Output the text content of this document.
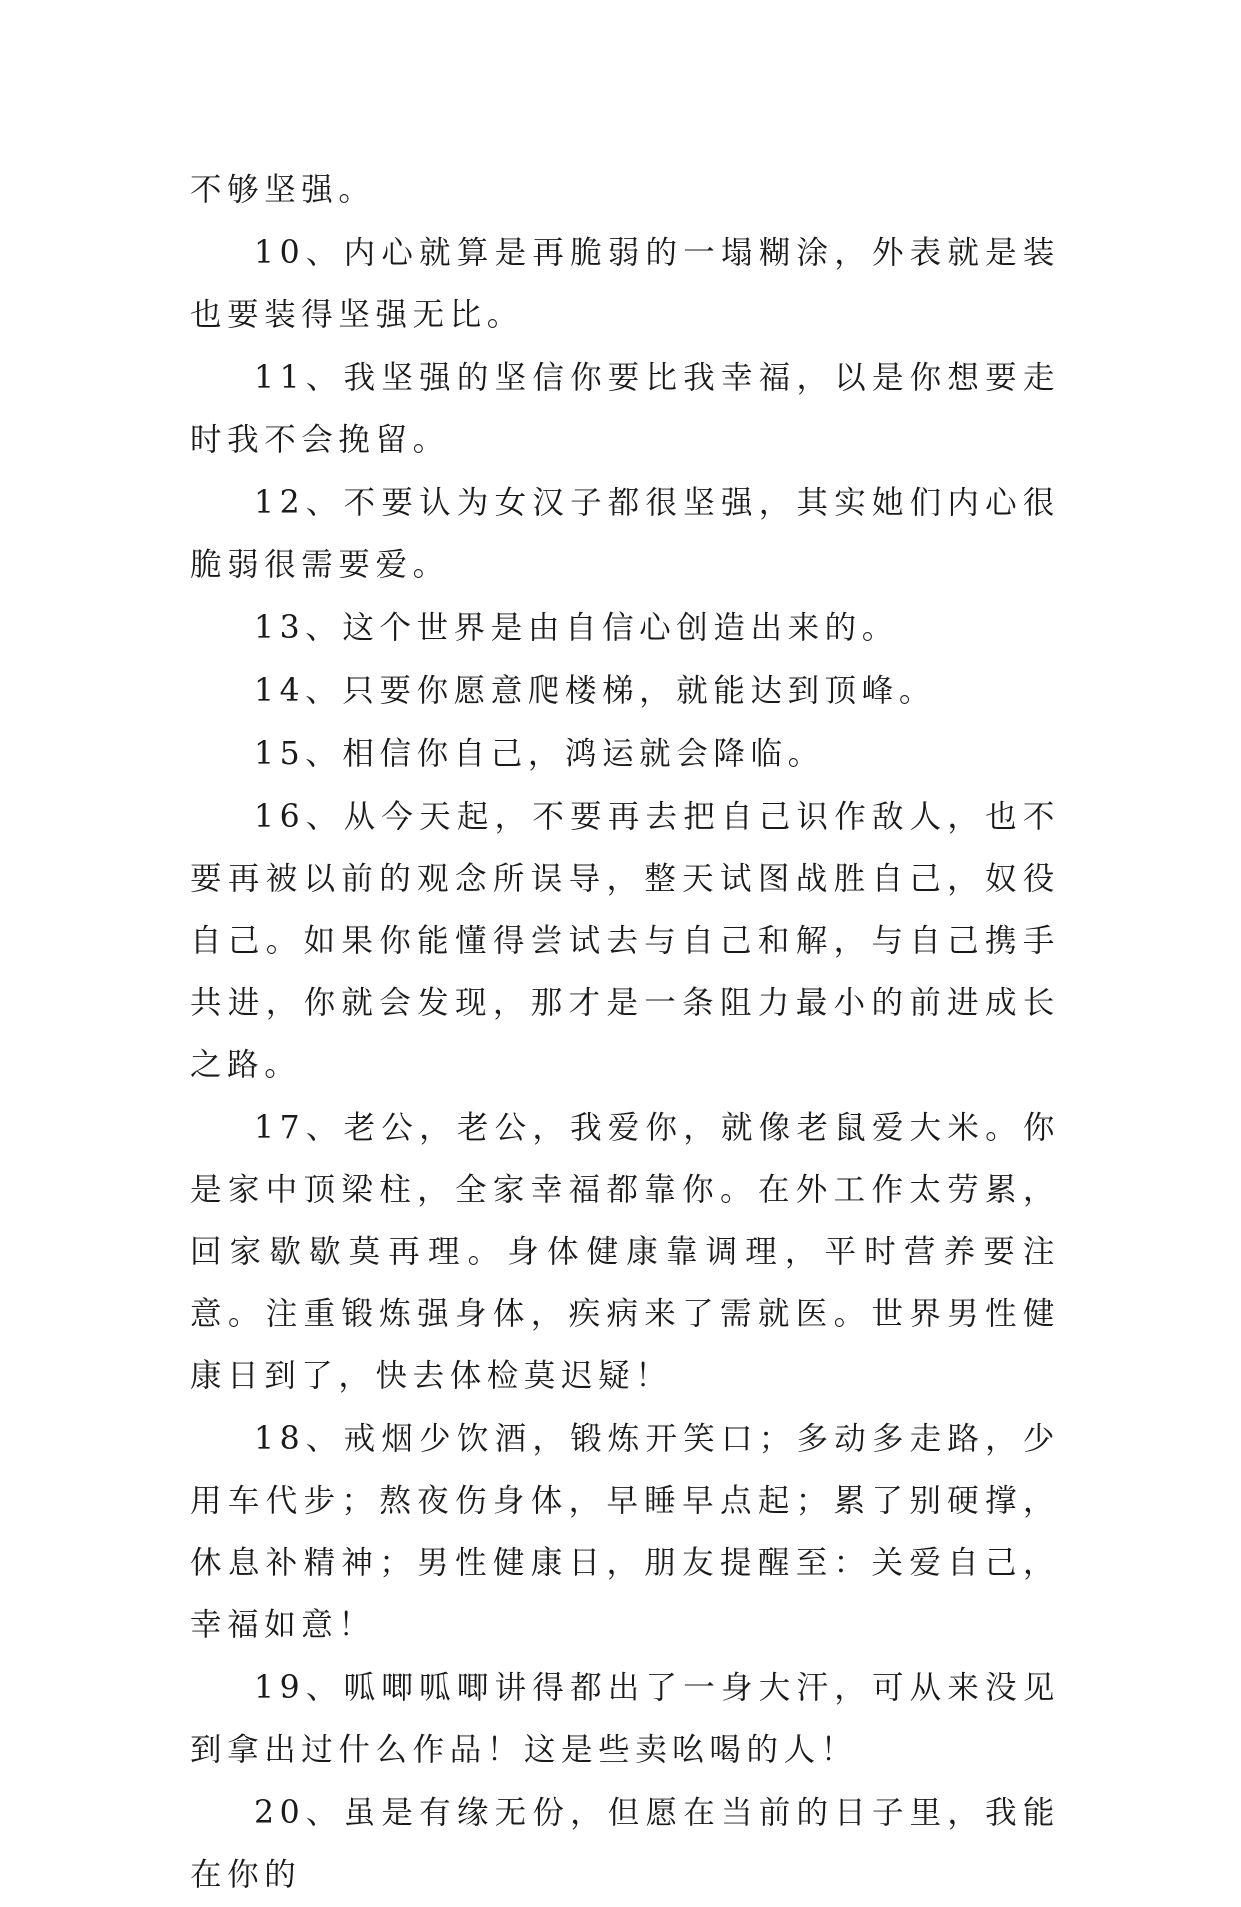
不够坚强。

10、内心就算是再脆弱的一塌糊涂，外表就是装也要装得坚强无比。

11、我坚强的坚信你要比我幸福，以是你想要走时我不会挽留。

12、不要认为女汉子都很坚强，其实她们内心很脆弱很需要爱。

13、这个世界是由自信心创造出来的。

14、只要你愿意爬楼梯，就能达到顶峰。

15、相信你自己，鸿运就会降临。

16、从今天起，不要再去把自己识作敌人，也不要再被以前的观念所误导，整天试图战胜自己，奴役自己。如果你能懂得尝试去与自己和解，与自己携手共进，你就会发现，那才是一条阻力最小的前进成长之路。

17、老公，老公，我爱你，就像老鼠爱大米。你是家中顶梁柱，全家幸福都靠你。在外工作太劳累，回家歇歇莫再理。身体健康靠调理，平时营养要注意。注重锻炼强身体，疾病来了需就医。世界男性健康日到了，快去体检莫迟疑！

18、戒烟少饮酒，锻炼开笑口；多动多走路，少用车代步；熬夜伤身体，早睡早点起；累了别硬撑，休息补精神；男性健康日，朋友提醒至：关爱自己，幸福如意！

19、呱唧呱唧讲得都出了一身大汗，可从来没见到拿出过什么作品！这是些卖吆喝的人！

20、虽是有缘无份，但愿在当前的日子里，我能在你的
